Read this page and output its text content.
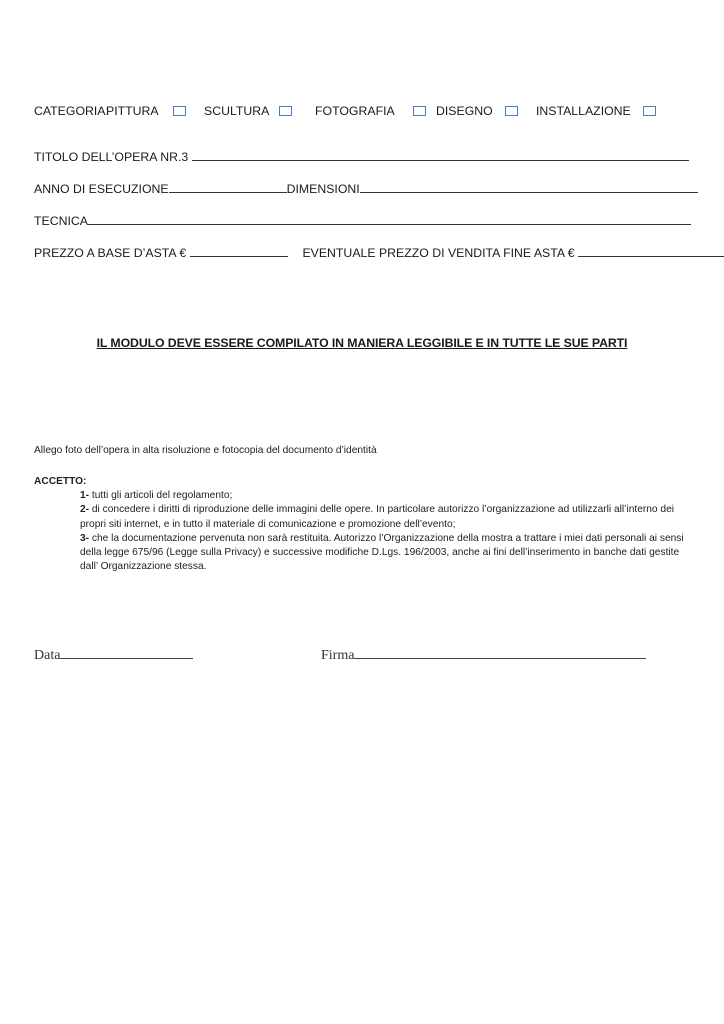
CATEGORIA:
PITTURA	SCULTURA	FOTOGRAFIA	DISEGNO	INSTALLAZIONE
TITOLO DELL’OPERA NR.3
ANNO DI ESECUZIONE	DIMENSIONI
TECNICA
PREZZO A BASE D’ASTA €	EVENTUALE PREZZO DI VENDITA FINE ASTA €
IL MODULO DEVE ESSERE COMPILATO IN MANIERA LEGGIBILE E IN TUTTE LE SUE PARTI
Allego foto dell’opera in alta risoluzione e fotocopia del documento d’identità

ACCETTO:

1- tutti gli articoli del regolamento;

2- di concedere i diritti di riproduzione delle immagini delle opere. In particolare autorizzo l’organizzazione ad utilizzarli all’interno dei propri siti internet, e in tutto il materiale di comunicazione e promozione dell’evento;

3- che la documentazione pervenuta non sarà restituita. Autorizzo l’Organizzazione della mostra a trattare i miei dati personali ai sensi della legge 675/96 (Legge sulla Privacy) e successive modifiche D.Lgs. 196/2003, anche ai fini dell’inserimento in banche dati gestite dall’ Organizzazione stessa.

Data	Firma
